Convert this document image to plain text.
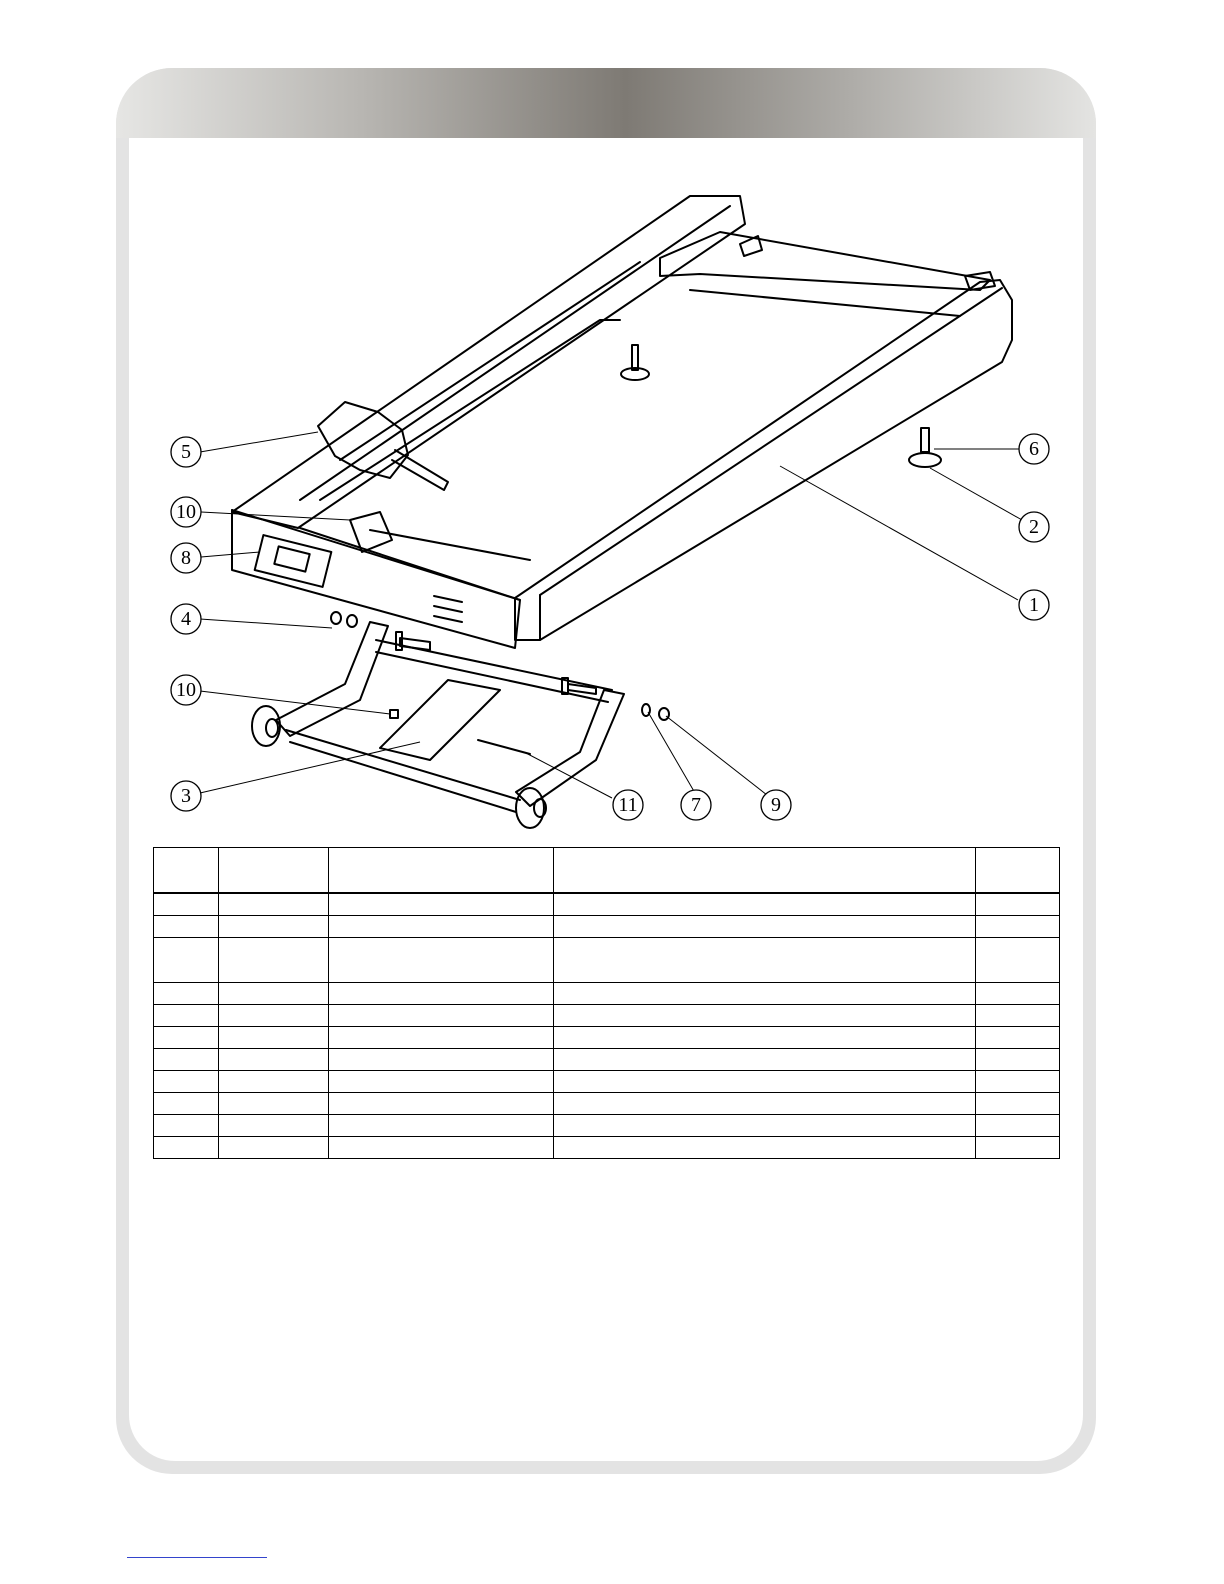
5	6
2
1
10
8
4
10
3	11	7	9
